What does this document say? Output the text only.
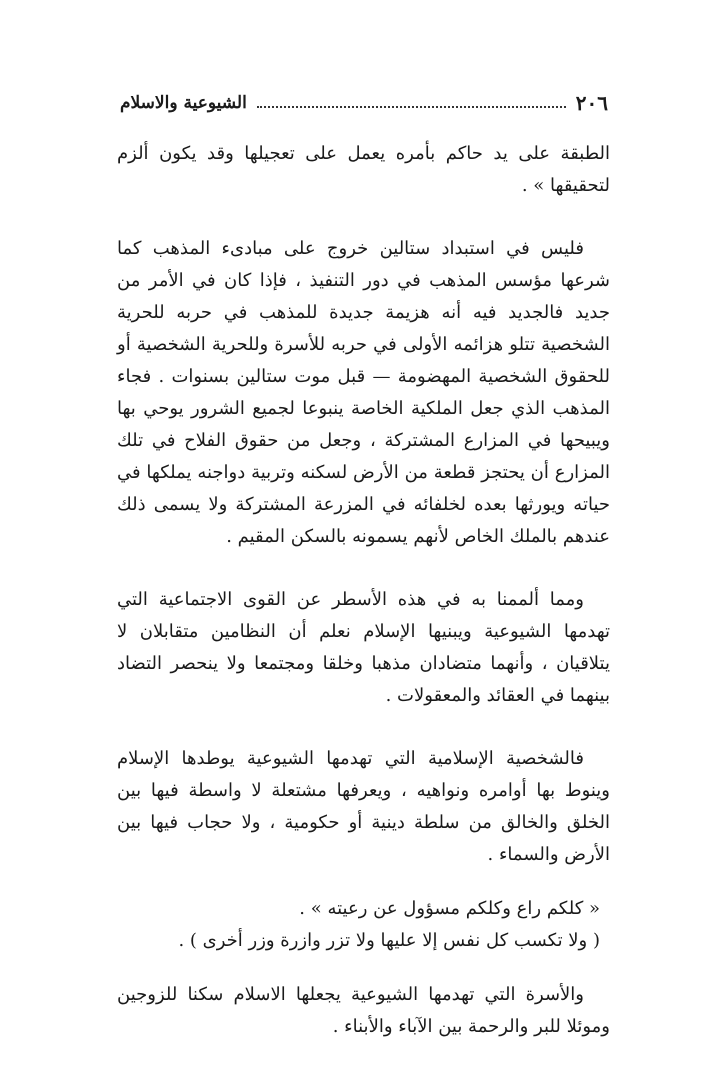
٢٠٦
الشيوعية والاسلام

الطبقة على يد حاكم بأمره يعمل على تعجيلها وقد يكون ألزم لتحقيقها » .

فليس في استبداد ستالين خروج على مبادىء المذهب كما شرعها مؤسس المذهب في دور التنفيذ ، فإذا كان في الأمر من جديد فالجديد فيه أنه هزيمة جديدة للمذهب في حربه للحرية الشخصية تتلو هزائمه الأولى في حربه للأسرة وللحرية الشخصية أو للحقوق الشخصية المهضومة — قبل موت ستالين بسنوات . فجاء المذهب الذي جعل الملكية الخاصة ينبوعا لجميع الشرور يوحي بها ويبيحها في المزارع المشتركة ، وجعل من حقوق الفلاح في تلك المزارع أن يحتجز قطعة من الأرض لسكنه وتربية دواجنه يملكها في حياته ويورثها بعده لخلفائه في المزرعة المشتركة ولا يسمى ذلك عندهم بالملك الخاص لأنهم يسمونه بالسكن المقيم .

ومما ألممنا به في هذه الأسطر عن القوى الاجتماعية التي تهدمها الشيوعية ويبنيها الإسلام نعلم أن النظامين متقابلان لا يتلاقيان ، وأنهما متضادان مذهبا وخلقا ومجتمعا ولا ينحصر التضاد بينهما في العقائد والمعقولات .

فالشخصية الإسلامية التي تهدمها الشيوعية يوطدها الإسلام وينوط بها أوامره ونواهيه ، ويعرفها مشتعلة لا واسطة فيها بين الخلق والخالق من سلطة دينية أو حكومية ، ولا حجاب فيها بين الأرض والسماء .

« كلكم راع وكلكم مسؤول عن رعيته » .

( ولا تكسب كل نفس إلا عليها ولا تزر وازرة وزر أخرى ) .

والأسرة التي تهدمها الشيوعية يجعلها الاسلام سكنا للزوجين وموئلا للبر والرحمة بين الآباء والأبناء .
